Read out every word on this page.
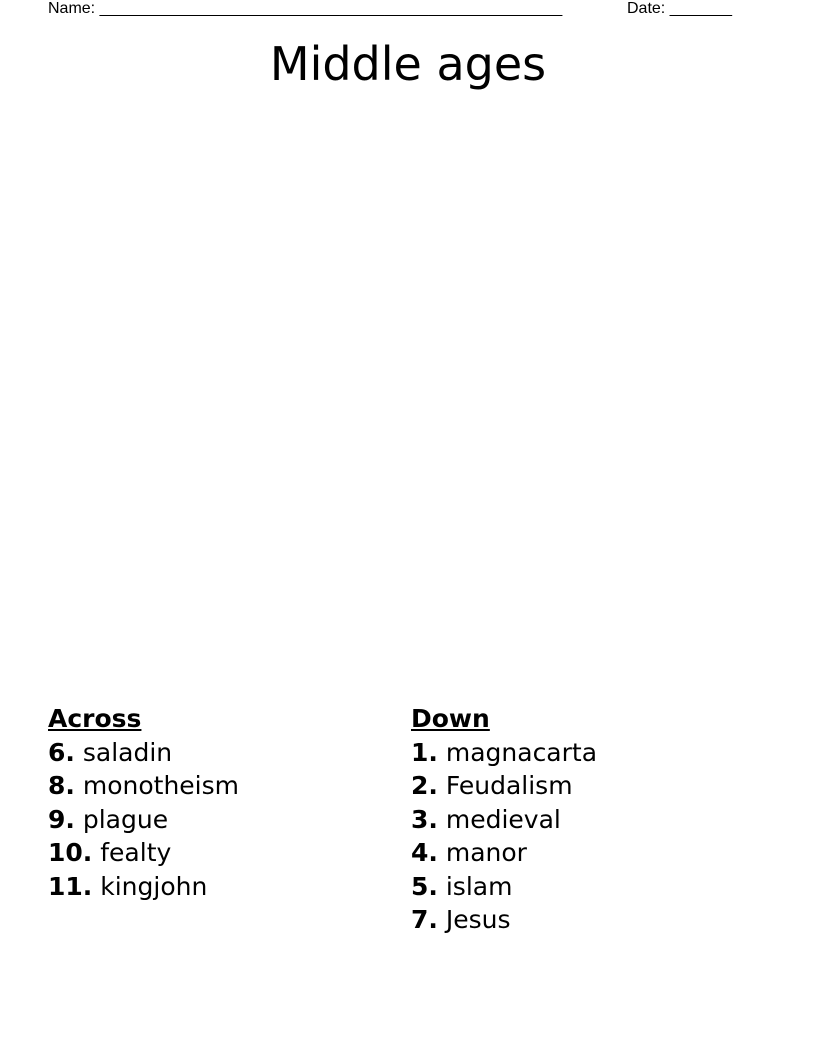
Name: ____________________________________________________	Date: _______
Middle ages
Across
6. saladin
8. monotheism
9. plague
10. fealty
11. kingjohn
Down
1. magnacarta
2. Feudalism
3. medieval
4. manor
5. islam
7. Jesus
